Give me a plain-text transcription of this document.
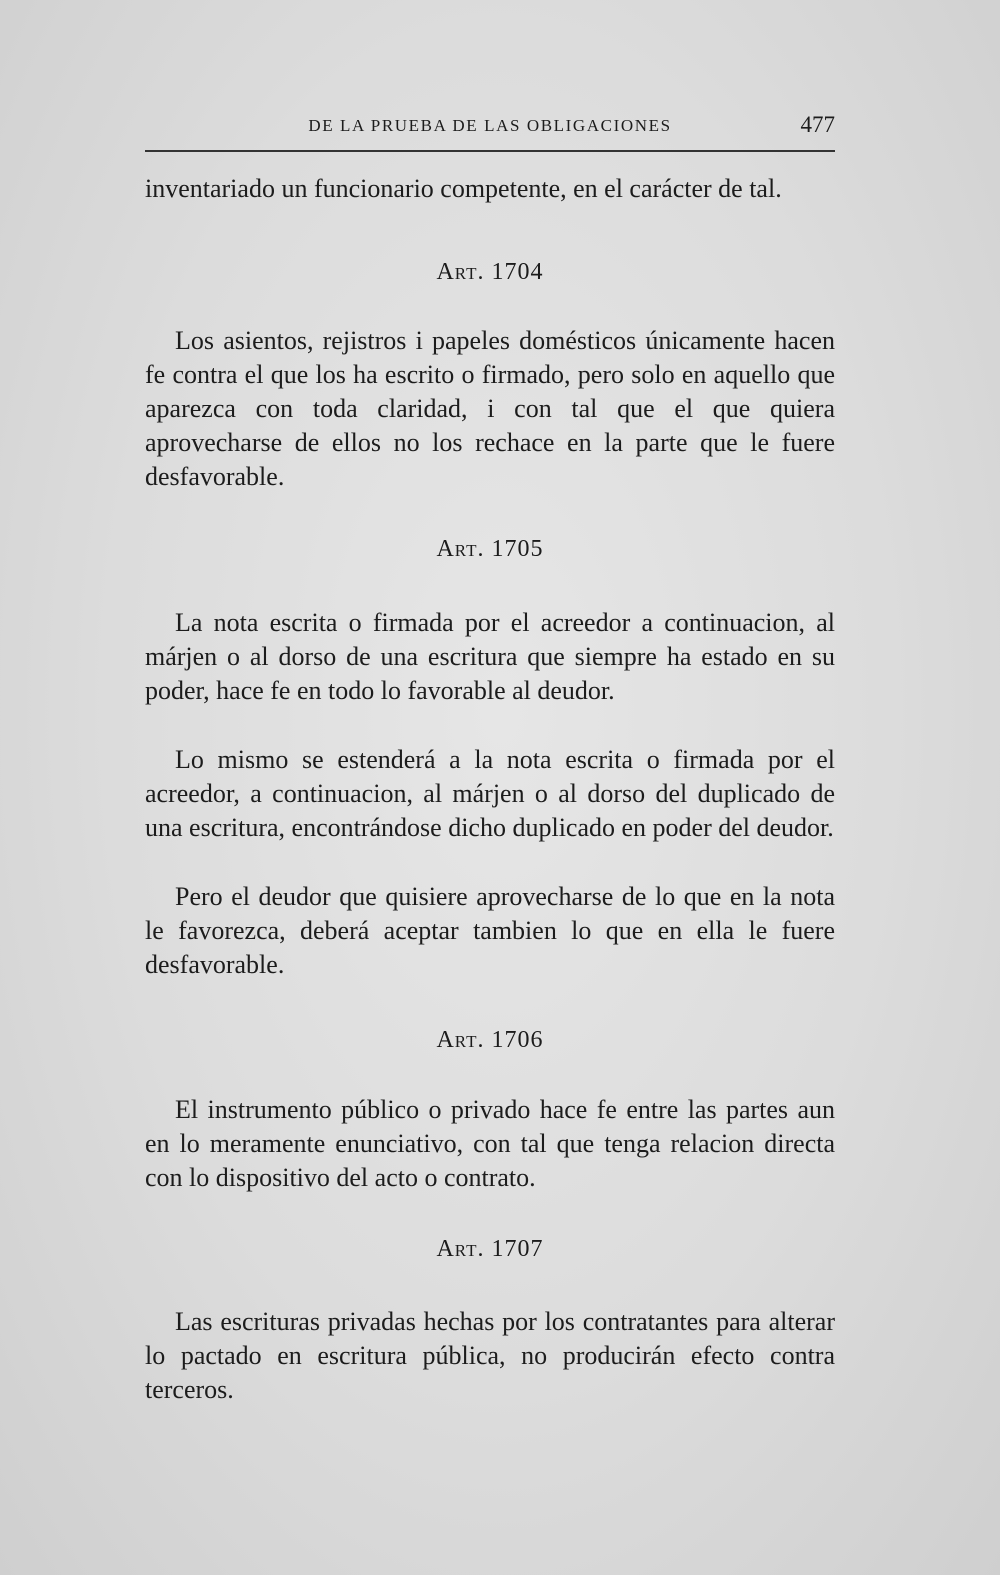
DE LA PRUEBA DE LAS OBLIGACIONES	477

inventariado un funcionario competente, en el carácter de tal.

Art. 1704

Los asientos, rejistros i papeles domésticos únicamente hacen fe contra el que los ha escrito o firmado, pero solo en aquello que aparezca con toda claridad, i con tal que el que quiera aprovecharse de ellos no los rechace en la parte que le fuere desfavorable.

Art. 1705

La nota escrita o firmada por el acreedor a continuacion, al márjen o al dorso de una escritura que siempre ha estado en su poder, hace fe en todo lo favorable al deudor.

Lo mismo se estenderá a la nota escrita o firmada por el acreedor, a continuacion, al márjen o al dorso del duplicado de una escritura, encontrándose dicho duplicado en poder del deudor.

Pero el deudor que quisiere aprovecharse de lo que en la nota le favorezca, deberá aceptar tambien lo que en ella le fuere desfavorable.

Art. 1706

El instrumento público o privado hace fe entre las partes aun en lo meramente enunciativo, con tal que tenga relacion directa con lo dispositivo del acto o contrato.

Art. 1707

Las escrituras privadas hechas por los contratantes para alterar lo pactado en escritura pública, no producirán efecto contra terceros.
